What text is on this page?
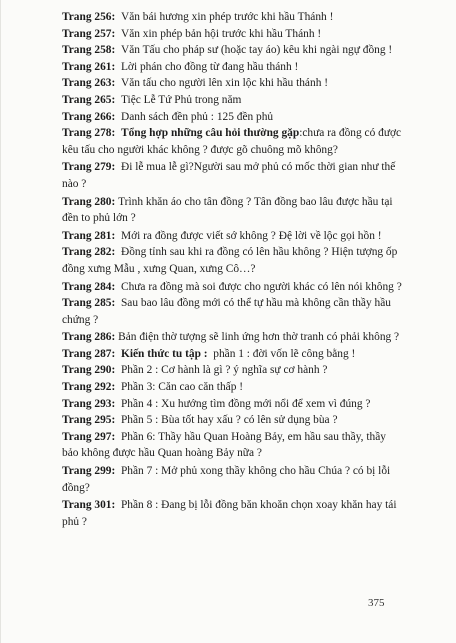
Trang 256: Văn bái hương xin phép trước khi hầu Thánh !

Trang 257: Văn xin phép bản hội trước khi hầu Thánh !

Trang 258: Văn Tấu cho pháp sư (hoặc tay áo) kêu khi ngài ngự đồng !

Trang 261: Lời phán cho đồng từ đang hầu thánh !

Trang 263: Văn tấu cho người lên xin lộc khi hầu thánh !

Trang 265: Tiệc Lễ Tứ Phủ trong năm

Trang 266: Danh sách đền phủ : 125 đền phủ

Trang 278: Tổng hợp những câu hỏi thường gặp:chưa ra đồng có được kêu tấu cho người khác không ? được gõ chuông mõ không?

Trang 279: Đi lễ mua lễ gì?Người sau mở phủ có mốc thời gian như thế nào ?

Trang 280: Trình khăn áo cho tân đồng ? Tân đồng bao lâu được hầu tại đền to phủ lớn ?

Trang 281: Mới ra đồng được viết sớ không ? Đệ lời về lộc gọi hồn !

Trang 282: Đồng tỉnh sau khi ra đồng có lên hầu không ? Hiện tượng ốp đồng xưng Mẫu , xưng Quan, xưng Cô…?

Trang 284: Chưa ra đồng mà soi được cho người khác có lên nói không ?

Trang 285: Sau bao lâu đồng mới có thể tự hầu mà không cần thầy hầu chứng ?

Trang 286: Bản điện thờ tượng sẽ linh ứng hơn thờ tranh có phải không ?

Trang 287: Kiến thức tu tập : phần 1 : đời vốn lẽ công bằng !

Trang 290: Phần 2 : Cơ hành là gì ? ý nghĩa sự cơ hành ?

Trang 292: Phần 3: Căn cao căn thấp !

Trang 293: Phần 4 : Xu hướng tìm đồng mới nổi để xem vì đúng ?

Trang 295: Phần 5 : Bùa tốt hay xấu ? có lên sử dụng bùa ?

Trang 297: Phần 6: Thầy hầu Quan Hoàng Bảy, em hầu sau thầy, thầy bảo không được hầu Quan hoàng Bảy nữa ?

Trang 299: Phần 7 : Mở phủ xong thầy không cho hầu Chúa ? có bị lỗi đồng?

Trang 301: Phần 8 : Đang bị lỗi đồng băn khoăn chọn xoay khăn hay tái phủ ?

375
